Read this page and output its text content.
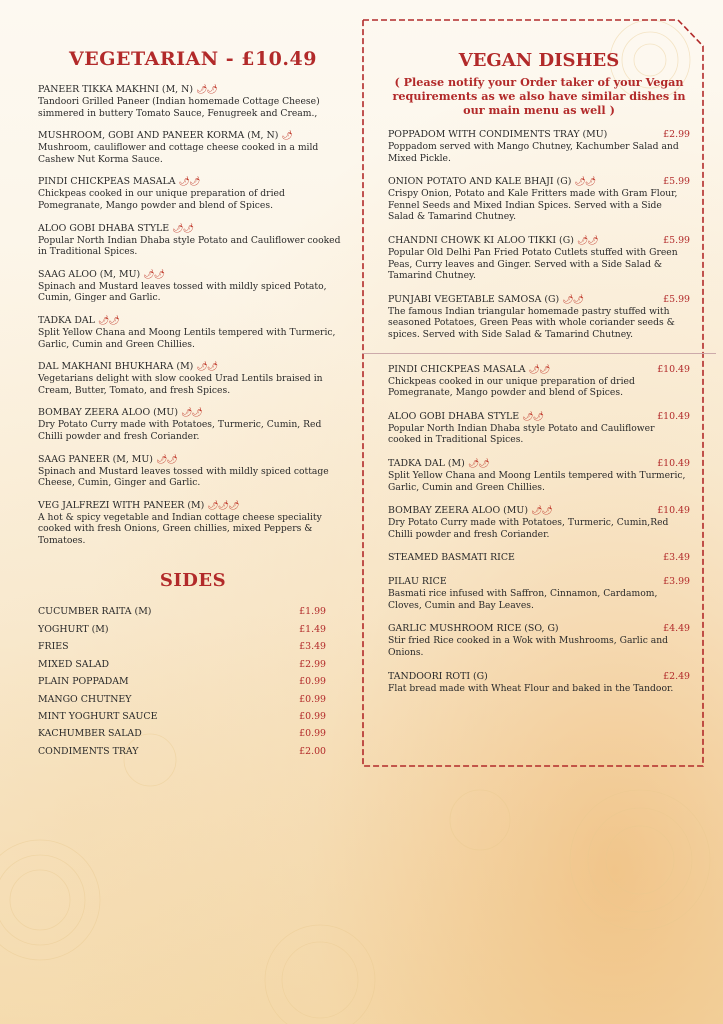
VEGETARIAN - £10.49
PANEER TIKKA MAKHNI (M, N) 🌶🌶
Tandoori Grilled Paneer (Indian homemade Cottage Cheese) simmered in buttery Tomato Sauce, Fenugreek and Cream.,
MUSHROOM, GOBI AND PANEER KORMA (M, N) 🌶
Mushroom, cauliflower and cottage cheese cooked in a mild Cashew Nut Korma Sauce.
PINDI CHICKPEAS MASALA 🌶🌶
Chickpeas cooked in our unique preparation of dried Pomegranate, Mango powder and blend of Spices.
ALOO GOBI DHABA STYLE 🌶🌶
Popular North Indian Dhaba style Potato and Cauliflower cooked in Traditional Spices.
SAAG ALOO (M, MU) 🌶🌶
Spinach and Mustard leaves tossed with mildly spiced Potato, Cumin, Ginger and Garlic.
TADKA DAL 🌶🌶
Split Yellow Chana and Moong Lentils tempered with Turmeric, Garlic, Cumin and Green Chillies.
DAL MAKHANI BHUKHARA (M) 🌶🌶
Vegetarians delight with slow cooked Urad Lentils braised in Cream, Butter, Tomato, and fresh Spices.
BOMBAY ZEERA ALOO (MU) 🌶🌶
Dry Potato Curry made with Potatoes, Turmeric, Cumin, Red Chilli powder and fresh Coriander.
SAAG PANEER (M, MU) 🌶🌶
Spinach and Mustard leaves tossed with mildly spiced cottage Cheese, Cumin, Ginger and Garlic.
VEG JALFREZI WITH PANEER (M) 🌶🌶🌶
A hot & spicy vegetable and Indian cottage cheese speciality cooked with fresh Onions, Green chillies, mixed Peppers & Tomatoes.
SIDES
CUCUMBER RAITA (M)	£1.99
YOGHURT (M)	£1.49
FRIES	£3.49
MIXED SALAD	£2.99
PLAIN POPPADAM	£0.99
MANGO CHUTNEY	£0.99
MINT YOGHURT SAUCE	£0.99
KACHUMBER SALAD	£0.99
CONDIMENTS TRAY	£2.00
VEGAN DISHES
( Please notify your Order taker of your Vegan requirements as we also have similar dishes in our main menu as well )
POPPADOM WITH CONDIMENTS TRAY (MU)	£2.99
Poppadom served with Mango Chutney, Kachumber Salad and Mixed Pickle.
ONION POTATO AND KALE BHAJI (G) 🌶🌶	£5.99
Crispy Onion, Potato and Kale Fritters made with Gram Flour, Fennel Seeds and Mixed Indian Spices. Served with a Side Salad & Tamarind Chutney.
CHANDNI CHOWK KI ALOO TIKKI (G) 🌶🌶	£5.99
Popular Old Delhi Pan Fried Potato Cutlets stuffed with Green Peas, Curry leaves and Ginger. Served with a Side Salad & Tamarind Chutney.
PUNJABI VEGETABLE SAMOSA (G) 🌶🌶	£5.99
The famous Indian triangular homemade pastry stuffed with seasoned Potatoes, Green Peas with whole coriander seeds & spices. Served with Side Salad & Tamarind Chutney.
PINDI CHICKPEAS MASALA 🌶🌶	£10.49
Chickpeas cooked in our unique preparation of dried Pomegranate, Mango powder and blend of Spices.
ALOO GOBI DHABA STYLE 🌶🌶	£10.49
Popular North Indian Dhaba style Potato and Cauliflower cooked in Traditional Spices.
TADKA DAL (M) 🌶🌶	£10.49
Split Yellow Chana and Moong Lentils tempered with Turmeric, Garlic, Cumin and Green Chillies.
BOMBAY ZEERA ALOO (MU) 🌶🌶	£10.49
Dry Potato Curry made with Potatoes, Turmeric, Cumin,Red Chilli powder and fresh Coriander.
STEAMED BASMATI RICE	£3.49
PILAU RICE	£3.99
Basmati rice infused with Saffron, Cinnamon, Cardamom, Cloves, Cumin and Bay Leaves.
GARLIC MUSHROOM RICE (SO, G)	£4.49
Stir fried Rice cooked in a Wok with Mushrooms, Garlic and Onions.
TANDOORI ROTI (G)	£2.49
Flat bread made with Wheat Flour and baked in the Tandoor.
